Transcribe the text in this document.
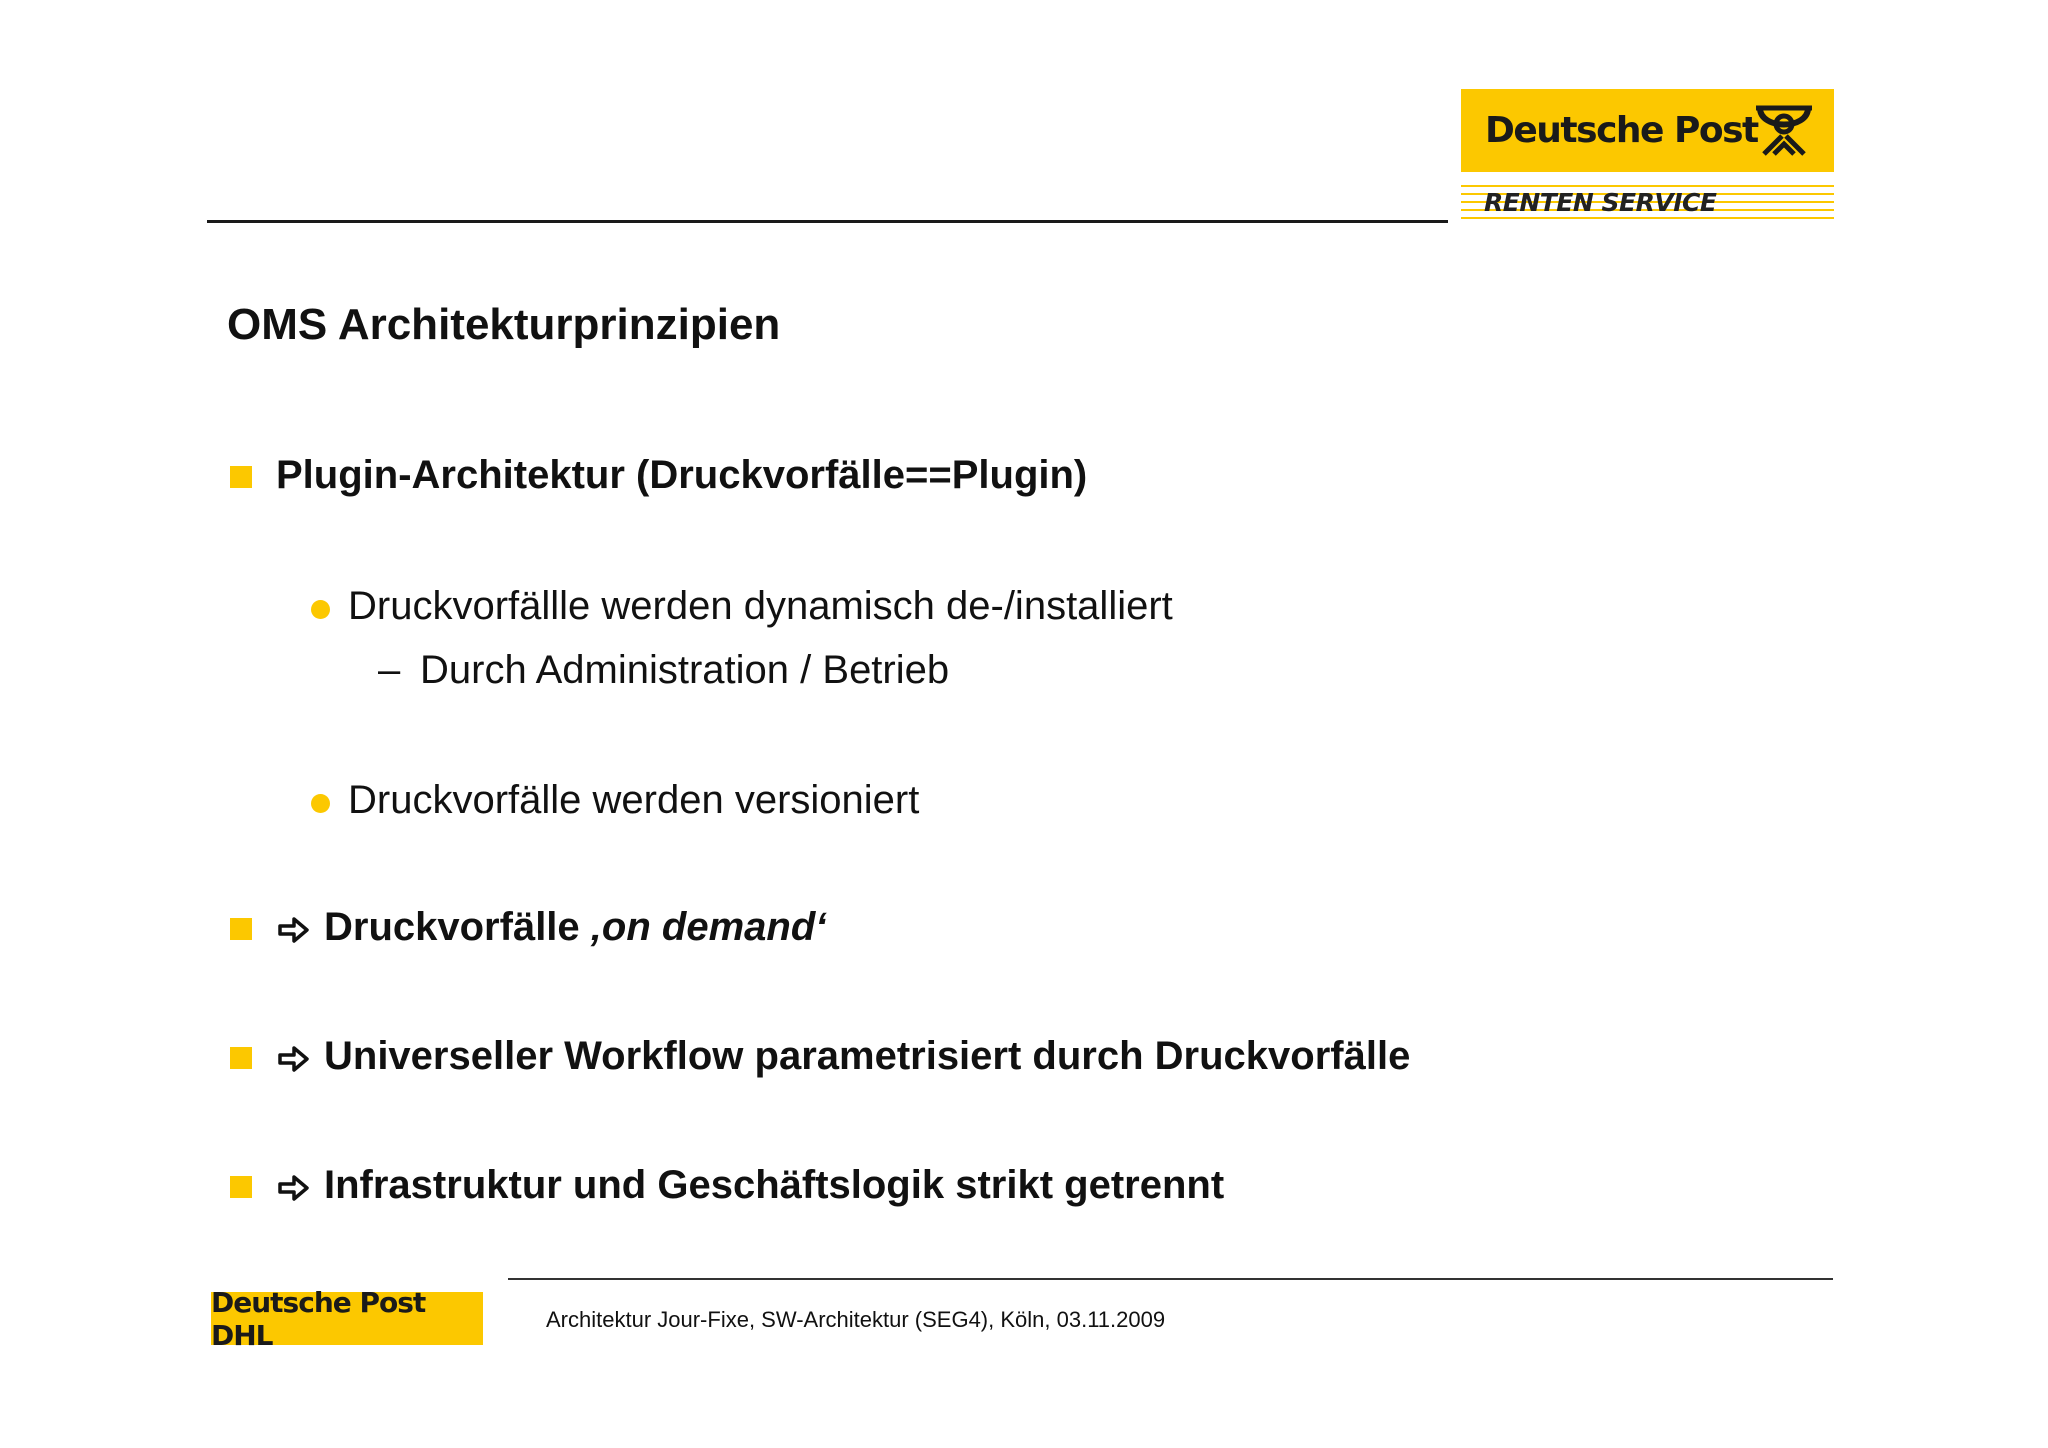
Deutsche Post
RENTEN SERVICE
OMS Architekturprinzipien
Plugin-Architektur (Druckvorfälle==Plugin)
Druckvorfällle werden dynamisch de-/installiert
– Durch Administration / Betrieb
Druckvorfälle werden versioniert
Druckvorfälle ‚on demand‘
Universeller Workflow parametrisiert durch Druckvorfälle
Infrastruktur und Geschäftslogik strikt getrennt
Deutsche Post DHL	Architektur Jour-Fixe, SW-Architektur (SEG4), Köln, 03.11.2009
